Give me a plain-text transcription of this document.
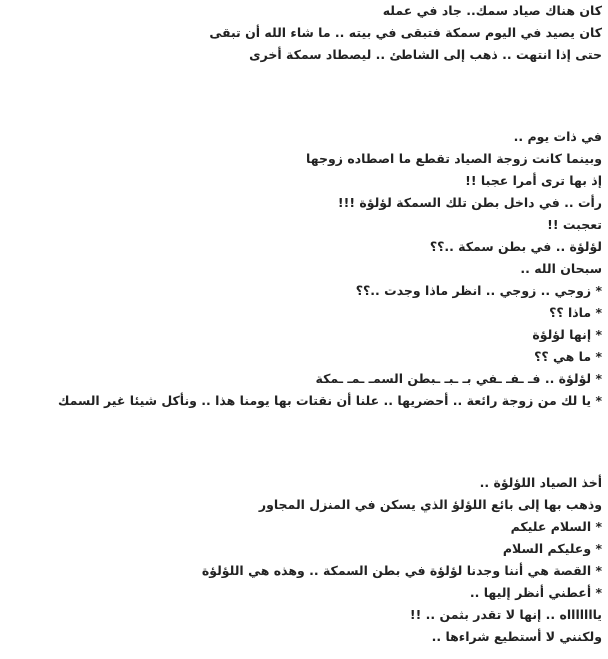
كان هناك صياد سمك.. جاد في عمله
كان يصيد في اليوم سمكة فتبقى في بيته .. ما شاء الله أن تبقى
حتى إذا انتهت .. ذهب إلى الشاطئ .. ليصطاد سمكة أخرى
في ذات يوم ..
وبينما كانت زوجة الصياد تقطع ما اصطاده زوجها
إذ بها ترى أمرا عجبا !!
رأت .. في داخل بطن تلك السمكة لؤلؤة !!!
تعجبت !!
لؤلؤة .. في بطن سمكة ..؟؟
سبحان الله ..
* زوجي .. زوجي .. انظر ماذا وجدت ..؟؟
* ماذا ؟؟
* إنها لؤلؤة
* ما هي ؟؟
* لؤلؤة .. فـ ـفـ ـفي بـ ـبـ ـبطن السمـ ـمـ ـمكة
* يا لك من زوجة رائعة .. أحضريها .. علنا أن نقتات بها يومنا هذا .. ونأكل شيئا غير السمك
أخذ الصياد اللؤلؤة ..
وذهب بها إلى بائع اللؤلؤ الذي يسكن في المنزل المجاور
* السلام عليكم
* وعليكم السلام
* القصة هي أننا وجدنا لؤلؤة في بطن السمكة .. وهذه هي اللؤلؤة
* أعطني أنظر إليها ..
ياااااااه .. إنها لا تقدر بثمن .. !!
ولكنني لا أستطيع شراءها ..
